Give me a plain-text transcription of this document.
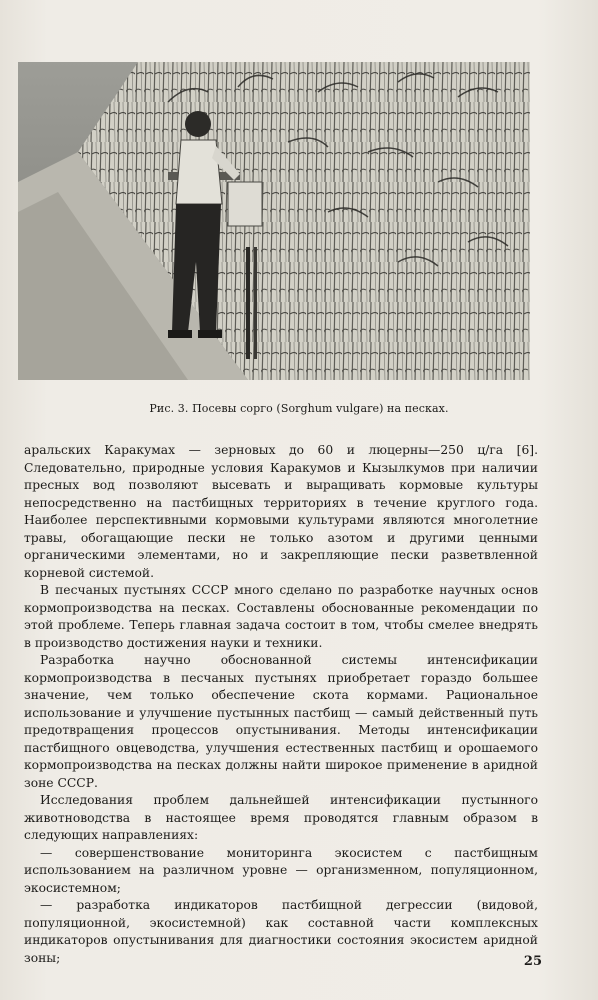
Рис. 3. Посевы сорго (Sorghum vulgare) на песках.

аральских Каракумах — зерновых до 60 и люцерны—250 ц/га [6]. Следовательно, природные условия Каракумов и Кызылкумов при наличии пресных вод позволяют высевать и выращивать кормовые культуры непосредственно на пастбищных территориях в течение круглого года. Наиболее перспективными кормовыми культурами являются многолетние травы, обогащающие пески не только азотом и другими ценными органическими элементами, но и закрепляющие пески разветвленной корневой системой.

В песчаных пустынях СССР много сделано по разработке научных основ кормопроизводства на песках. Составлены обоснованные рекомендации по этой проблеме. Теперь главная задача состоит в том, чтобы смелее внедрять в производство достижения науки и техники.

Разработка научно обоснованной системы интенсификации кормопроизводства в песчаных пустынях приобретает гораздо большее значение, чем только обеспечение скота кормами. Рациональное использование и улучшение пустынных пастбищ — самый действенный путь предотвращения процессов опустынивания. Методы интенсификации пастбищного овцеводства, улучшения естественных пастбищ и орошаемого кормопроизводства на песках должны найти широкое применение в аридной зоне СССР.

Исследования проблем дальнейшей интенсификации пустынного животноводства в настоящее время проводятся главным образом в следующих направлениях:

— совершенствование мониторинга экосистем с пастбищным использованием на различном уровне — организменном, популяционном, экосистемном;

— разработка индикаторов пастбищной дегрессии (видовой, популяционной, экосистемной) как составной части комплексных индикаторов опустынивания для диагностики состояния экосистем аридной зоны;	25
